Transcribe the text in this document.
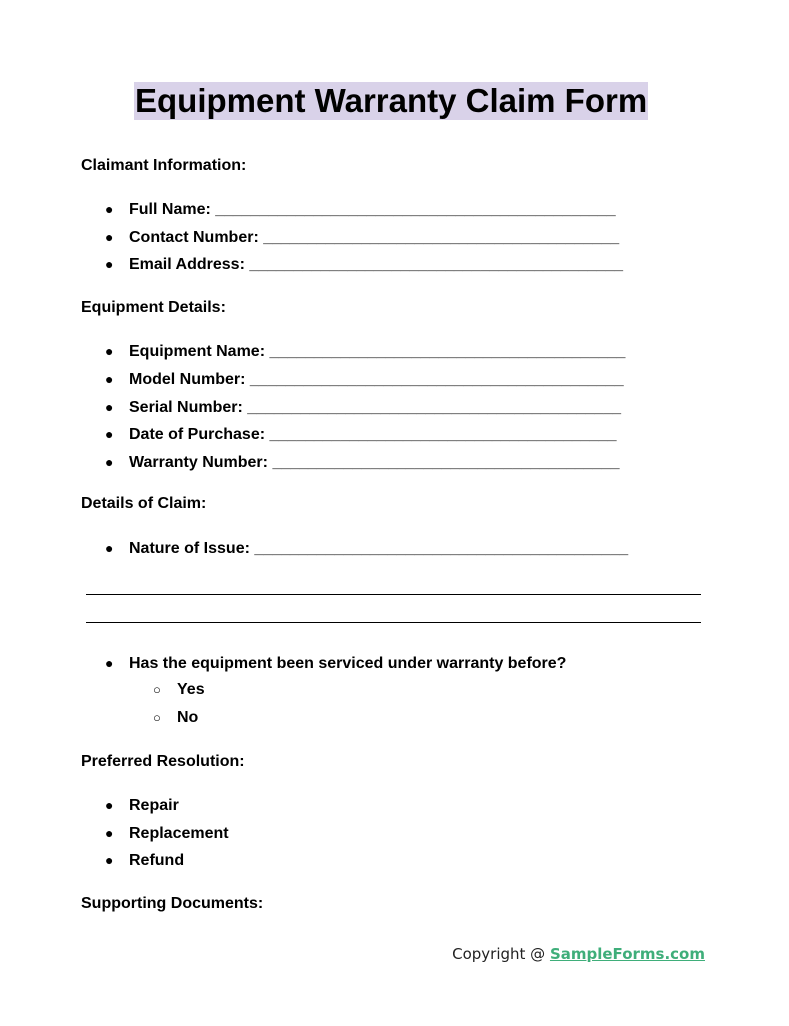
Equipment Warranty Claim Form
Claimant Information:
● Full Name: _____________________________________________
● Contact Number: ________________________________________
● Email Address: __________________________________________
Equipment Details:
● Equipment Name: ________________________________________
● Model Number: __________________________________________
● Serial Number: __________________________________________
● Date of Purchase: _______________________________________
● Warranty Number: _______________________________________
Details of Claim:
● Nature of Issue: __________________________________________
● Has the equipment been serviced under warranty before?
○ Yes
○ No
Preferred Resolution:
● Repair
● Replacement
● Refund
Supporting Documents:
Copyright @ SampleForms.com
